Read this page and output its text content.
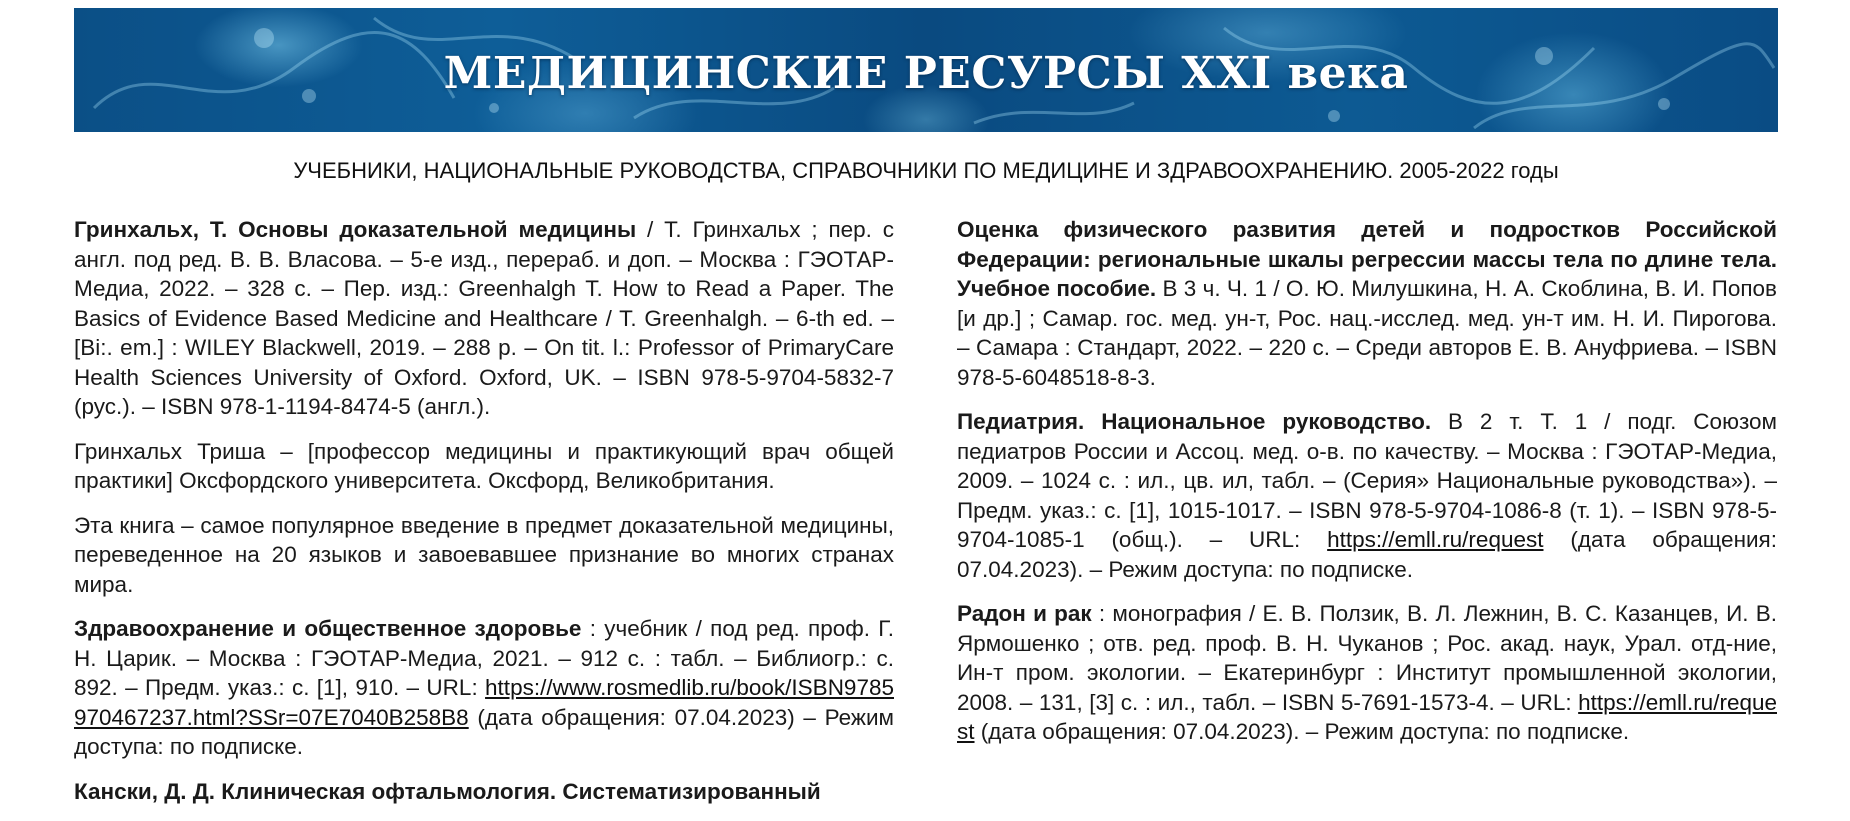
МЕДИЦИНСКИЕ РЕСУРСЫ XXI века
УЧЕБНИКИ, НАЦИОНАЛЬНЫЕ РУКОВОДСТВА, СПРАВОЧНИКИ ПО МЕДИЦИНЕ И ЗДРАВООХРАНЕНИЮ. 2005-2022 годы

Гринхальх, Т. Основы доказательной медицины / Т. Гринхальх ; пер. с англ. под ред. В. В. Власова. – 5-е изд., перераб. и доп. – Москва : ГЭОТАР-Медиа, 2022. – 328 с. – Пер. изд.: Greenhalgh T. How to Read a Paper. The Basics of Evidence Based Medicine and Healthcare / T. Greenhalgh. – 6-th ed. – [Bi:. em.] : WILEY Blackwell, 2019. – 288 p. – On tit. l.: Professor of PrimaryCare Health Sciences University of Oxford. Oxford, UK. – ISBN 978-5-9704-5832-7 (рус.). – ISBN 978-1-1194-8474-5 (англ.).

Гринхальх Триша – [профессор медицины и практикующий врач общей практики] Оксфордского университета. Оксфорд, Великобритания.

Эта книга – самое популярное введение в предмет доказательной медицины, переведенное на 20 языков и завоевавшее признание во многих странах мира.

Здравоохранение и общественное здоровье : учебник / под ред. проф. Г. Н. Царик. – Москва : ГЭОТАР-Медиа, 2021. – 912 с. : табл. – Библиогр.: с. 892. – Предм. указ.: с. [1], 910. – URL: https://www.rosmedlib.ru/book/ISBN9785970467237.html?SSr=07E7040B258B8 (дата обращения: 07.04.2023) – Режим доступа: по подписке.

Кански, Д. Д. Клиническая офтальмология. Систематизированный

Оценка физического развития детей и подростков Российской Федерации: региональные шкалы регрессии массы тела по длине тела. Учебное пособие. В 3 ч. Ч. 1 / О. Ю. Милушкина, Н. А. Скоблина, В. И. Попов [и др.] ; Самар. гос. мед. ун-т, Рос. нац.-исслед. мед. ун-т им. Н. И. Пирогова. – Самара : Стандарт, 2022. – 220 с. – Среди авторов Е. В. Ануфриева. – ISBN 978-5-6048518-8-3.

Педиатрия. Национальное руководство. В 2 т. Т. 1 / подг. Союзом педиатров России и Ассоц. мед. о-в. по качеству. – Москва : ГЭОТАР-Медиа, 2009. – 1024 с. : ил., цв. ил, табл. – (Серия» Национальные руководства»). – Предм. указ.: с. [1], 1015-1017. – ISBN 978-5-9704-1086-8 (т. 1). – ISBN 978-5-9704-1085-1 (общ.). – URL: https://emll.ru/request (дата обращения: 07.04.2023). – Режим доступа: по подписке.

Радон и рак : монография / Е. В. Ползик, В. Л. Лежнин, В. С. Казанцев, И. В. Ярмошенко ; отв. ред. проф. В. Н. Чуканов ; Рос. акад. наук, Урал. отд-ние, Ин-т пром. экологии. – Екатеринбург : Институт промышленной экологии, 2008. – 131, [3] с. : ил., табл. – ISBN 5-7691-1573-4. – URL: https://emll.ru/request (дата обращения: 07.04.2023). – Режим доступа: по подписке.
